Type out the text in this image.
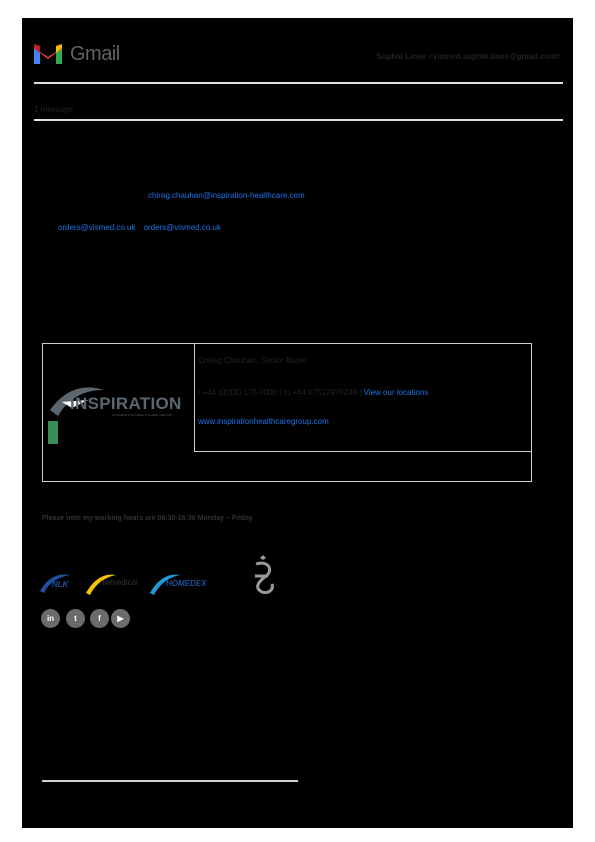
Gmail	Sophie Lines <vismed.sophie.lines@gmail.com>
1 message
chirag.chauhan@inspiration-healthcare.com
orders@vismed.co.uk orders@vismed.co.uk
INSPIRATION
INSPIRATION HEALTHCARE GROUP
Chirag Chauhan, Senior Buyer
t +44 (0)330 175 0000 | m +44 07512976248 | View our locations
www.inspirationhealthcaregroup.com
Please note my working hours are 08:30-16:30 Monday – Friday
NLK	nwmedical	HOMEDEX
in	t	f	▶
